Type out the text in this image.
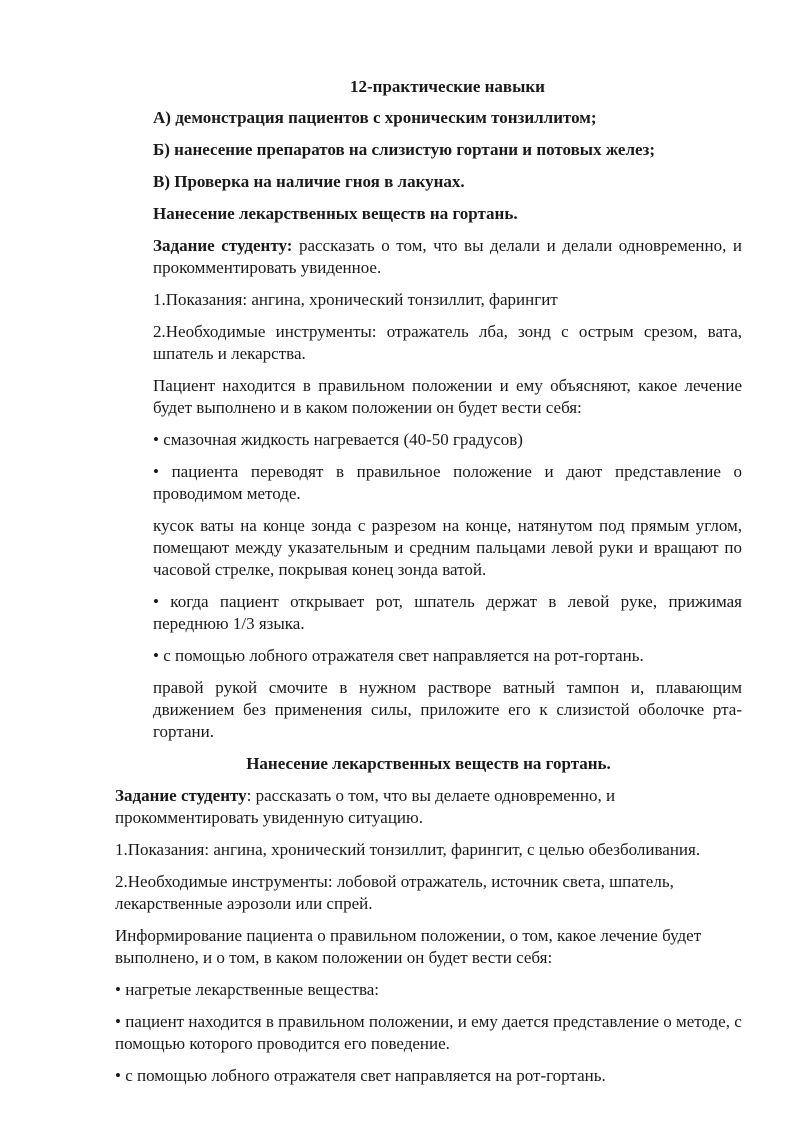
12-практические навыки

А) демонстрация пациентов с хроническим тонзиллитом;

Б) нанесение препаратов на слизистую гортани и потовых желез;

В) Проверка на наличие гноя в лакунах.

Нанесение лекарственных веществ на гортань.

Задание студенту: рассказать о том, что вы делали и делали одновременно, и прокомментировать увиденное.

1.Показания: ангина, хронический тонзиллит, фарингит

2.Необходимые инструменты: отражатель лба, зонд с острым срезом, вата, шпатель и лекарства.

Пациент находится в правильном положении и ему объясняют, какое лечение будет выполнено и в каком положении он будет вести себя:

• смазочная жидкость нагревается (40-50 градусов)

• пациента переводят в правильное положение и дают представление о проводимом методе.

кусок ваты на конце зонда с разрезом на конце, натянутом под прямым углом, помещают между указательным и средним пальцами левой руки и вращают по часовой стрелке, покрывая конец зонда ватой.

• когда пациент открывает рот, шпатель держат в левой руке, прижимая переднюю 1/3 языка.

• с помощью лобного отражателя свет направляется на рот-гортань.

правой рукой смочите в нужном растворе ватный тампон и, плавающим движением без применения силы, приложите его к слизистой оболочке рта-гортани.

Нанесение лекарственных веществ на гортань.

Задание студенту: рассказать о том, что вы делаете одновременно, и прокомментировать увиденную ситуацию.

1.Показания: ангина, хронический тонзиллит, фарингит, с целью обезболивания.

2.Необходимые инструменты: лобовой отражатель, источник света, шпатель, лекарственные аэрозоли или спрей.

Информирование пациента о правильном положении, о том, какое лечение будет выполнено, и о том, в каком положении он будет вести себя:

• нагретые лекарственные вещества:

• пациент находится в правильном положении, и ему дается представление о методе, с помощью которого проводится его поведение.

• с помощью лобного отражателя свет направляется на рот-гортань.
